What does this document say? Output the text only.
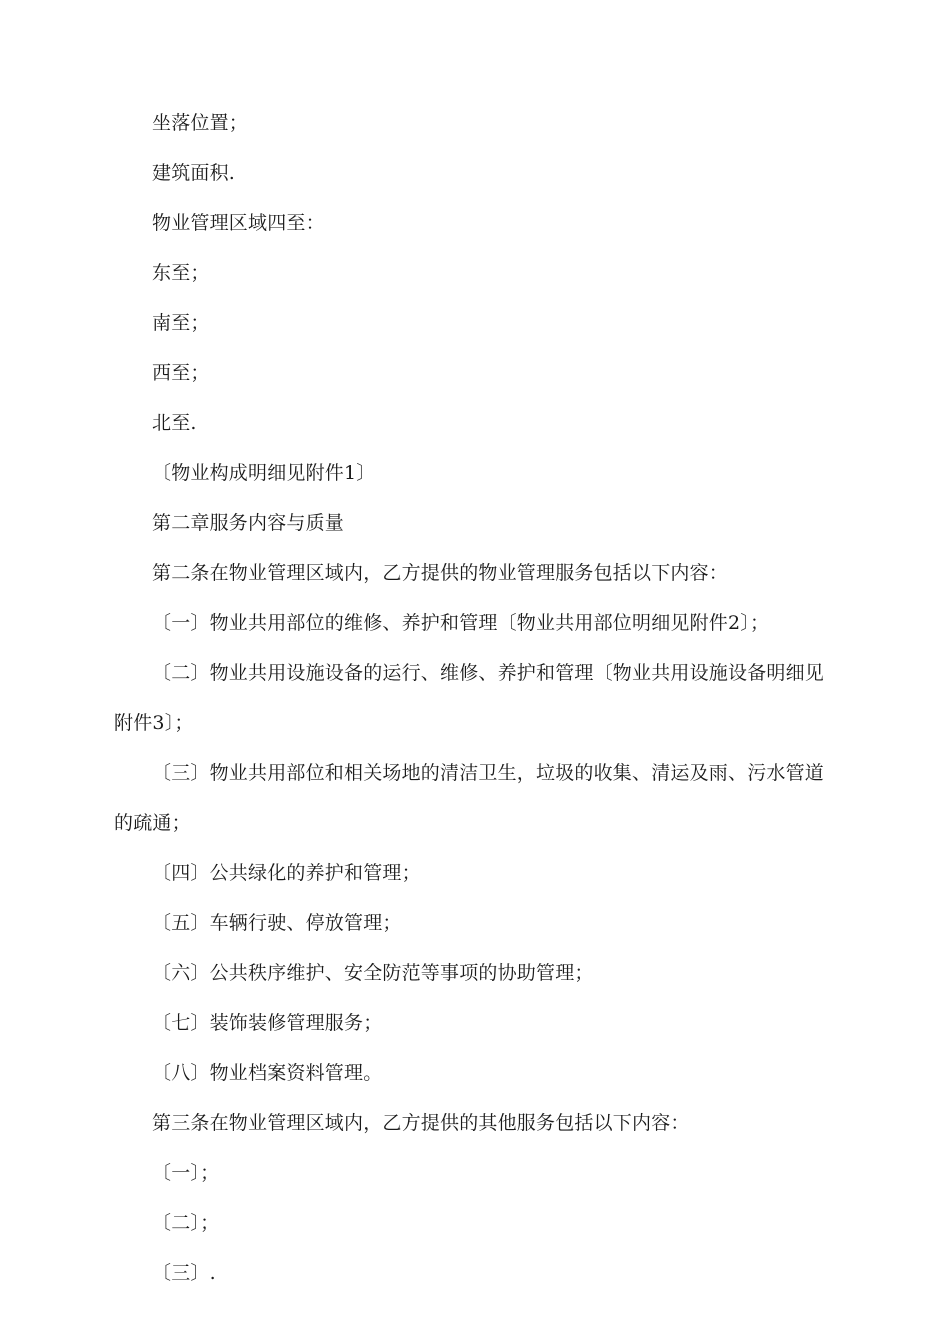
坐落位置；

建筑面积.

物业管理区域四至：

东至；

南至；

西至；

北至.

〔物业构成明细见附件1〕

第二章服务内容与质量

第二条在物业管理区域内，乙方提供的物业管理服务包括以下内容：

〔一〕物业共用部位的维修、养护和管理〔物业共用部位明细见附件2〕；

〔二〕物业共用设施设备的运行、维修、养护和管理〔物业共用设施设备明细见附件3〕；

〔三〕物业共用部位和相关场地的清洁卫生，垃圾的收集、清运及雨、污水管道的疏通；

〔四〕公共绿化的养护和管理；

〔五〕车辆行驶、停放管理；

〔六〕公共秩序维护、安全防范等事项的协助管理；

〔七〕装饰装修管理服务；

〔八〕物业档案资料管理。

第三条在物业管理区域内，乙方提供的其他服务包括以下内容：

〔一〕；

〔二〕；

〔三〕.
